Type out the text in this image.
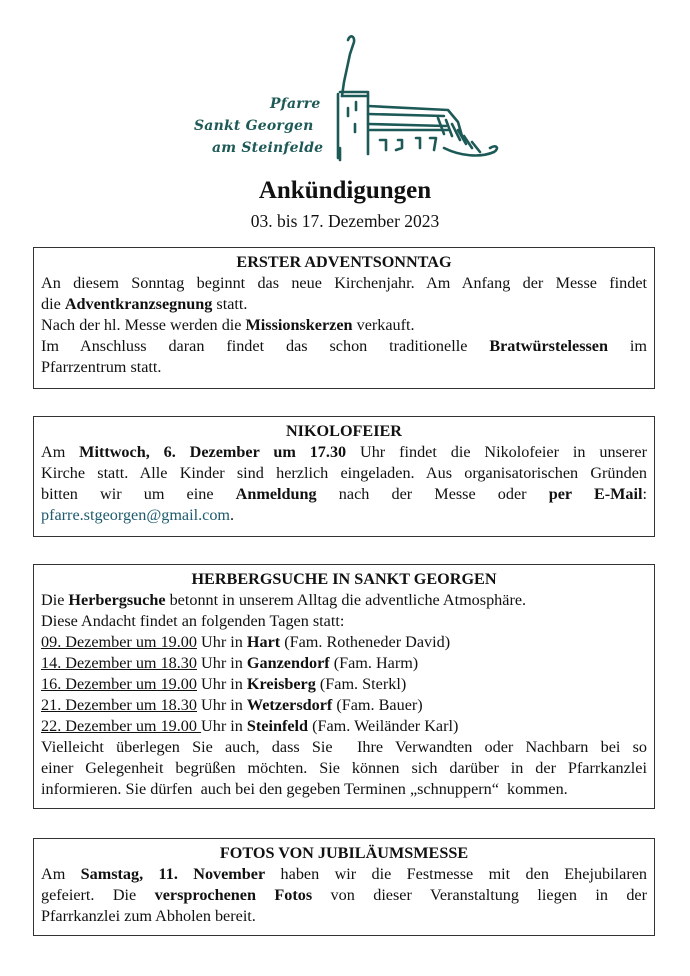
Pfarre
Sankt Georgen
am Steinfelde
Ankündigungen
03. bis 17. Dezember 2023
ERSTER ADVENTSONNTAG
An diesem Sonntag beginnt das neue Kirchenjahr. Am Anfang der Messe findet
die Adventkranzsegnung statt.
Nach der hl. Messe werden die Missionskerzen verkauft.
Im Anschluss daran findet das schon traditionelle Bratwürstelessen im
Pfarrzentrum statt.
NIKOLOFEIER
Am Mittwoch, 6. Dezember um 17.30 Uhr findet die Nikolofeier in unserer
Kirche statt. Alle Kinder sind herzlich eingeladen. Aus organisatorischen Gründen
bitten wir um eine Anmeldung nach der Messe oder per E-Mail:
pfarre.stgeorgen@gmail.com.
HERBERGSUCHE IN SANKT GEORGEN
Die Herbergsuche betonnt in unserem Alltag die adventliche Atmosphäre.
Diese Andacht findet an folgenden Tagen statt:
09. Dezember um 19.00 Uhr in Hart (Fam. Rotheneder David)
14. Dezember um 18.30 Uhr in Ganzendorf (Fam. Harm)
16. Dezember um 19.00 Uhr in Kreisberg (Fam. Sterkl)
21. Dezember um 18.30 Uhr in Wetzersdorf (Fam. Bauer)
22. Dezember um 19.00 Uhr in Steinfeld (Fam. Weiländer Karl)
Vielleicht überlegen Sie auch, dass Sie  Ihre Verwandten oder Nachbarn bei so
einer Gelegenheit begrüßen möchten. Sie können sich darüber in der Pfarrkanzlei
informieren. Sie dürfen  auch bei den gegeben Terminen „schnuppern“  kommen.
FOTOS VON JUBILÄUMSMESSE
Am Samstag, 11. November haben wir die Festmesse mit den Ehejubilaren
gefeiert. Die versprochenen Fotos von dieser Veranstaltung liegen in der
Pfarrkanzlei zum Abholen bereit.
